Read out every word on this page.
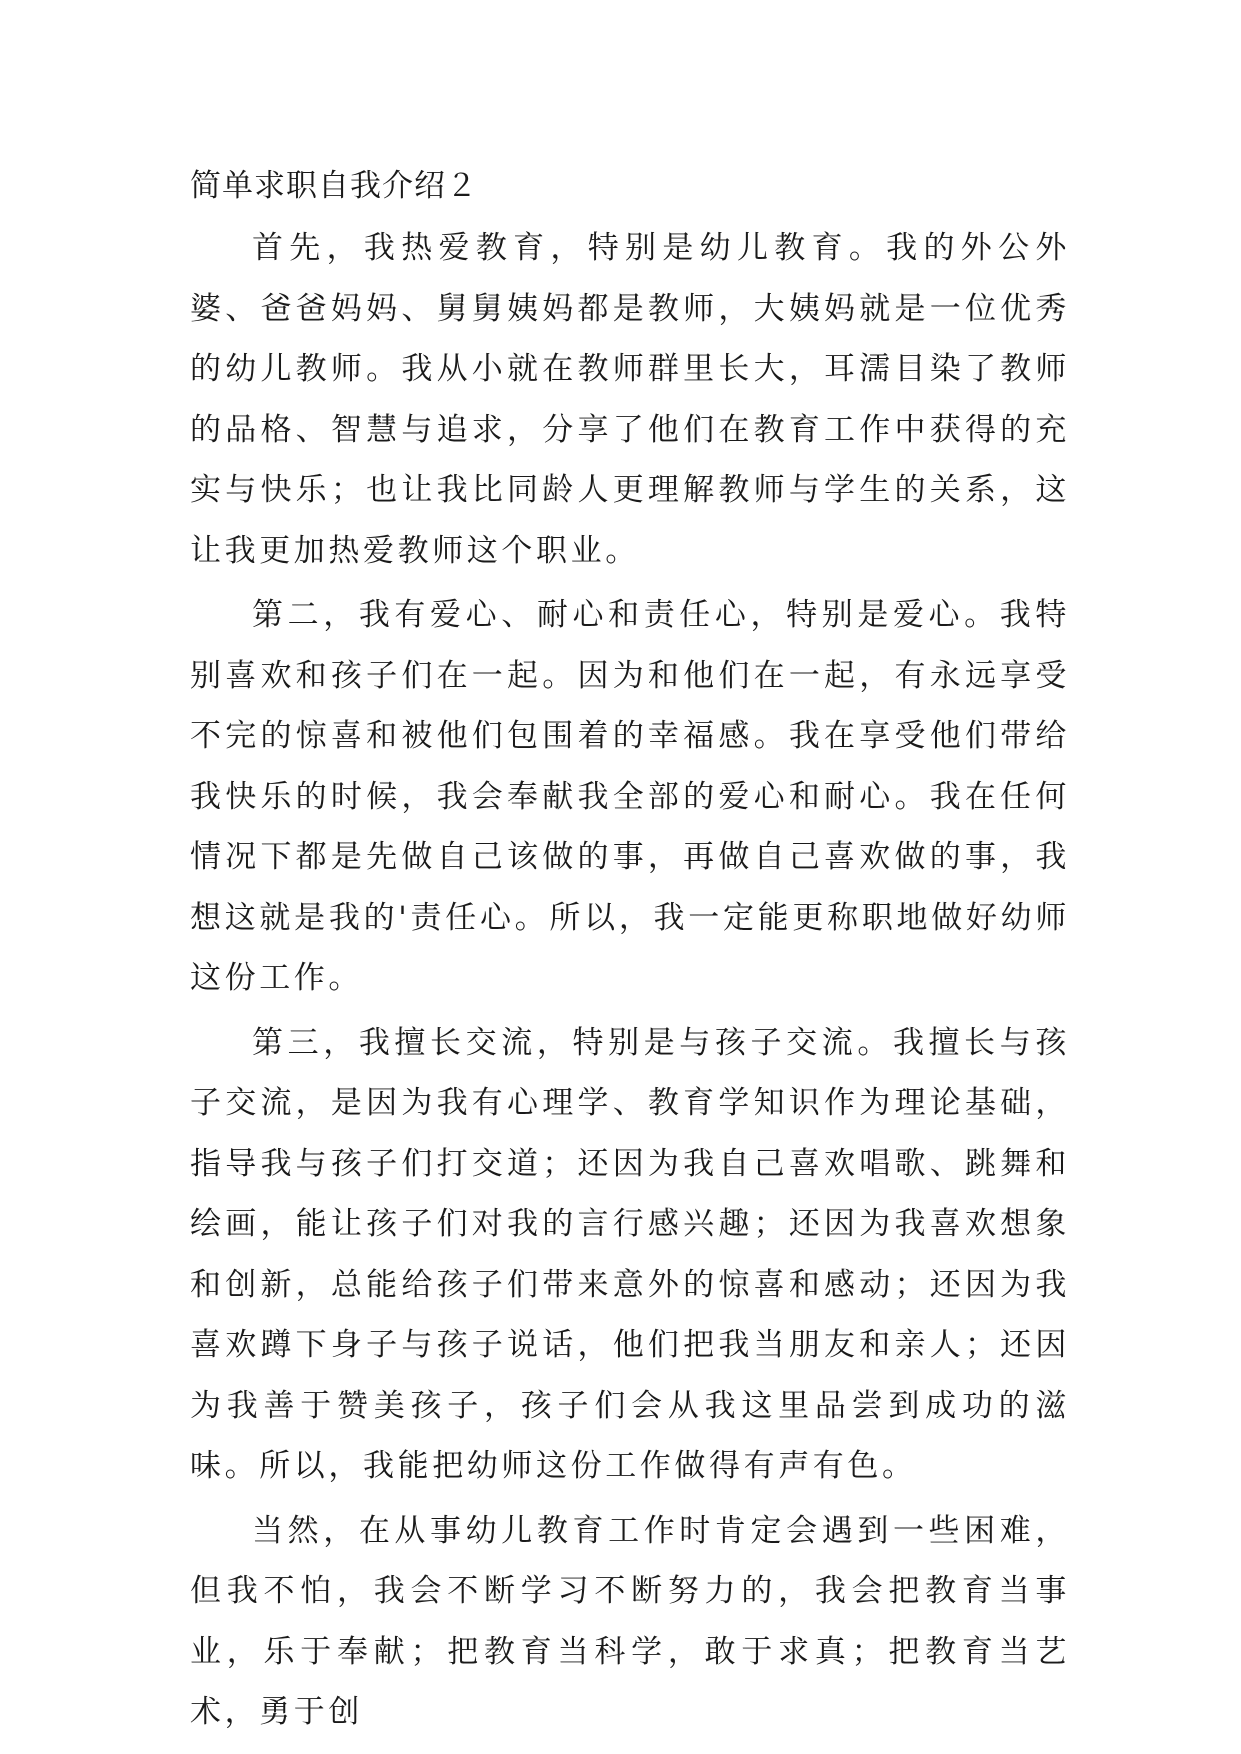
简单求职自我介绍２

首先，我热爱教育，特别是幼儿教育。我的外公外婆、爸爸妈妈、舅舅姨妈都是教师，大姨妈就是一位优秀的幼儿教师。我从小就在教师群里长大，耳濡目染了教师的品格、智慧与追求，分享了他们在教育工作中获得的充实与快乐；也让我比同龄人更理解教师与学生的关系，这让我更加热爱教师这个职业。

第二，我有爱心、耐心和责任心，特别是爱心。我特别喜欢和孩子们在一起。因为和他们在一起，有永远享受不完的惊喜和被他们包围着的幸福感。我在享受他们带给我快乐的时候，我会奉献我全部的爱心和耐心。我在任何情况下都是先做自己该做的事，再做自己喜欢做的事，我想这就是我的'责任心。所以，我一定能更称职地做好幼师这份工作。

第三，我擅长交流，特别是与孩子交流。我擅长与孩子交流，是因为我有心理学、教育学知识作为理论基础，指导我与孩子们打交道；还因为我自己喜欢唱歌、跳舞和绘画，能让孩子们对我的言行感兴趣；还因为我喜欢想象和创新，总能给孩子们带来意外的惊喜和感动；还因为我喜欢蹲下身子与孩子说话，他们把我当朋友和亲人；还因为我善于赞美孩子，孩子们会从我这里品尝到成功的滋味。所以，我能把幼师这份工作做得有声有色。

当然，在从事幼儿教育工作时肯定会遇到一些困难，但我不怕，我会不断学习不断努力的，我会把教育当事业，乐于奉献；把教育当科学，敢于求真；把教育当艺术，勇于创
